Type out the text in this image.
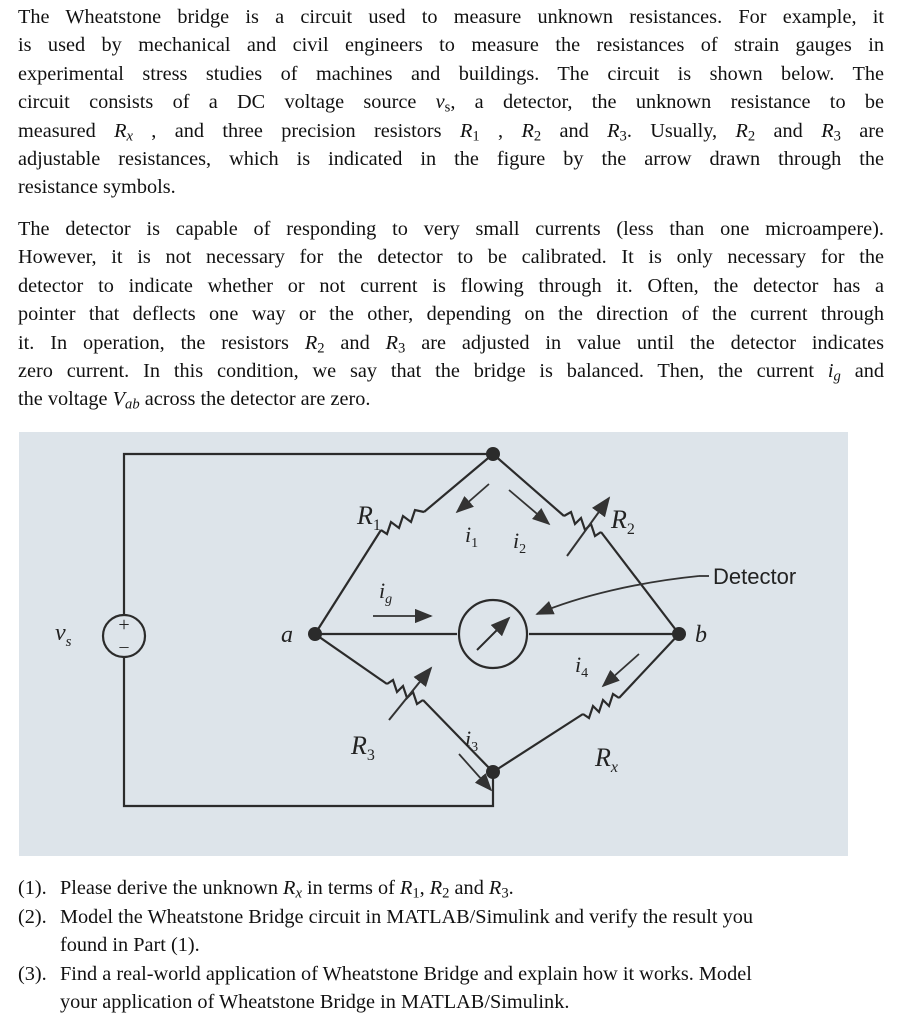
The Wheatstone bridge is a circuit used to measure unknown resistances. For example, it
is used by mechanical and civil engineers to measure the resistances of strain gauges in
experimental stress studies of machines and buildings. The circuit is shown below. The
circuit consists of a DC voltage source $v_s$, a detector, the unknown resistance to be
measured $R_x$ , and three precision resistors $R_1$ , $R_2$ and $R_3$. Usually, $R_2$ and $R_3$ are
adjustable resistances, which is indicated in the figure by the arrow drawn through the
resistance symbols.
The detector is capable of responding to very small currents (less than one microampere).
However, it is not necessary for the detector to be calibrated. It is only necessary for the
detector to indicate whether or not current is flowing through it. Often, the detector has a
pointer that deflects one way or the other, depending on the direction of the current through
it. In operation, the resistors $R_2$ and $R_3$ are adjusted in value until the detector indicates
zero current. In this condition, we say that the bridge is balanced. Then, the current $i_g$ and
the voltage $V_{ab}$ across the detector are zero.
+
–
$v_s$
$R_1$	$R_2$
$R_3$	$R_x$
$i_1$ $i_2$
$i_g$
$i_3$
$i_4$
a	b
Detector
(1). Please derive the unknown $R_x$ in terms of $R_1$, $R_2$ and $R_3$.
(2). Model the Wheatstone Bridge circuit in MATLAB/Simulink and verify the result you
found in Part (1).
(3). Find a real-world application of Wheatstone Bridge and explain how it works. Model
your application of Wheatstone Bridge in MATLAB/Simulink.
